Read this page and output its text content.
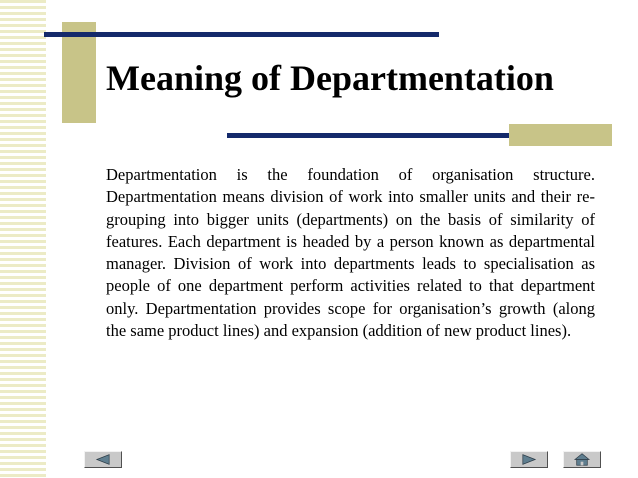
Meaning of Departmentation

Departmentation is the foundation of organisation structure. Departmentation means division of work into smaller units and their re-grouping into bigger units (departments) on the basis of similarity of features. Each department is headed by a person known as departmental manager. Division of work into departments leads to specialisation as people of one department perform activities related to that department only. Departmentation provides scope for organisation’s growth (along the same product lines) and expansion (addition of new product lines).
